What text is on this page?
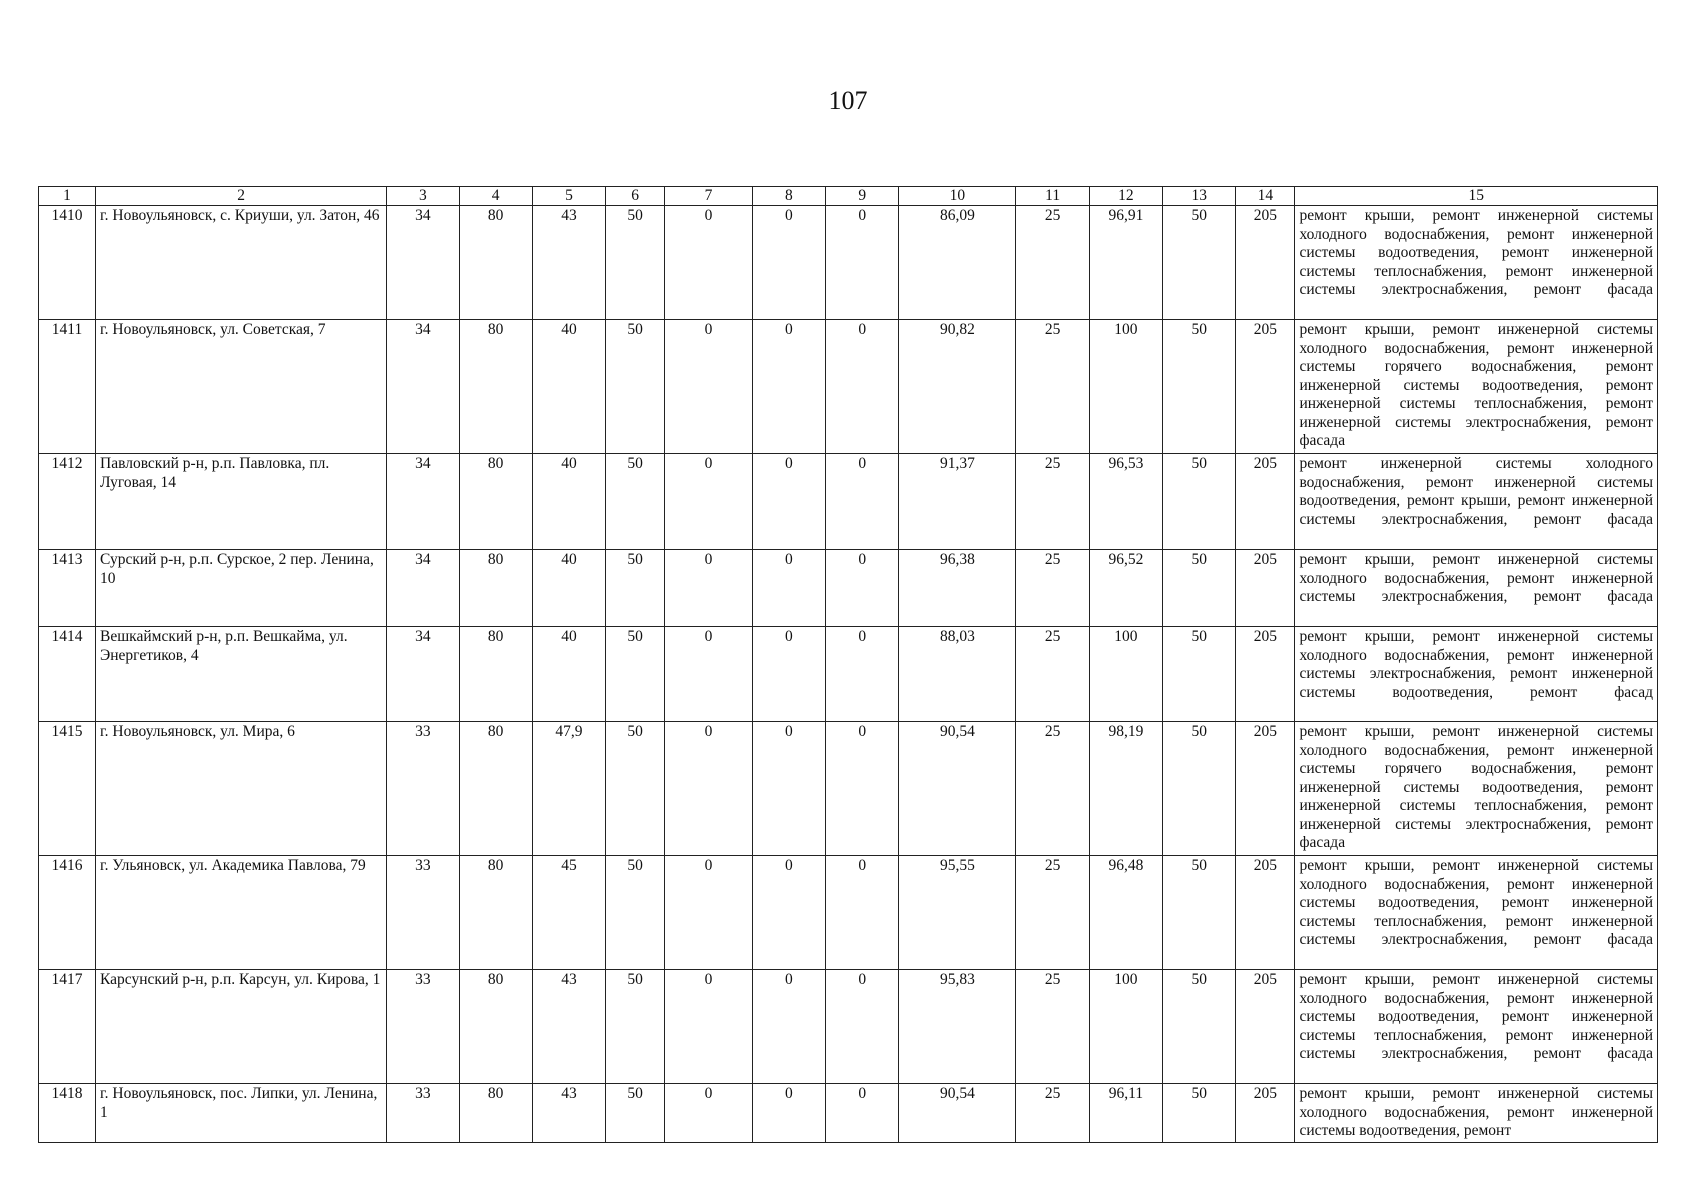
107
1	2	3	4	5	6	7	8	9	10	11	12	13	14	15
1410	г. Новоульяновск, с. Криуши, ул. Затон, 46	34	80	43	50	0	0	0	86,09	25	96,91	50	205	ремонт крыши, ремонт инженерной системы холодного водоснабжения, ремонт инженерной системы водоотведения, ремонт инженерной системы теплоснабжения, ремонт инженерной системы электроснабжения, ремонт фасада
1411	г. Новоульяновск, ул. Советская, 7	34	80	40	50	0	0	0	90,82	25	100	50	205	ремонт крыши, ремонт инженерной системы холодного водоснабжения, ремонт инженерной системы горячего водоснабжения, ремонт инженерной системы водоотведения, ремонт инженерной системы теплоснабжения, ремонт инженерной системы электроснабжения, ремонт фасада
1412	Павловский р-н, р.п. Павловка, пл. Луговая, 14	34	80	40	50	0	0	0	91,37	25	96,53	50	205	ремонт инженерной системы холодного водоснабжения, ремонт инженерной системы водоотведения, ремонт крыши, ремонт инженерной системы электроснабжения, ремонт фасада
1413	Сурский р-н, р.п. Сурское, 2 пер. Ленина, 10	34	80	40	50	0	0	0	96,38	25	96,52	50	205	ремонт крыши, ремонт инженерной системы холодного водоснабжения, ремонт инженерной системы электроснабжения, ремонт фасада
1414	Вешкаймский р-н, р.п. Вешкайма, ул. Энергетиков, 4	34	80	40	50	0	0	0	88,03	25	100	50	205	ремонт крыши, ремонт инженерной системы холодного водоснабжения, ремонт инженерной системы электроснабжения, ремонт инженерной системы водоотведения, ремонт фасад
1415	г. Новоульяновск, ул. Мира, 6	33	80	47,9	50	0	0	0	90,54	25	98,19	50	205	ремонт крыши, ремонт инженерной системы холодного водоснабжения, ремонт инженерной системы горячего водоснабжения, ремонт инженерной системы водоотведения, ремонт инженерной системы теплоснабжения, ремонт инженерной системы электроснабжения, ремонт фасада
1416	г. Ульяновск, ул. Академика Павлова, 79	33	80	45	50	0	0	0	95,55	25	96,48	50	205	ремонт крыши, ремонт инженерной системы холодного водоснабжения, ремонт инженерной системы водоотведения, ремонт инженерной системы теплоснабжения, ремонт инженерной системы электроснабжения, ремонт фасада
1417	Карсунский р-н, р.п. Карсун, ул. Кирова, 1	33	80	43	50	0	0	0	95,83	25	100	50	205	ремонт крыши, ремонт инженерной системы холодного водоснабжения, ремонт инженерной системы водоотведения, ремонт инженерной системы теплоснабжения, ремонт инженерной системы электроснабжения, ремонт фасада
1418	г. Новоульяновск, пос. Липки, ул. Ленина, 1	33	80	43	50	0	0	0	90,54	25	96,11	50	205	ремонт крыши, ремонт инженерной системы холодного водоснабжения, ремонт инженерной системы водоотведения, ремонт
